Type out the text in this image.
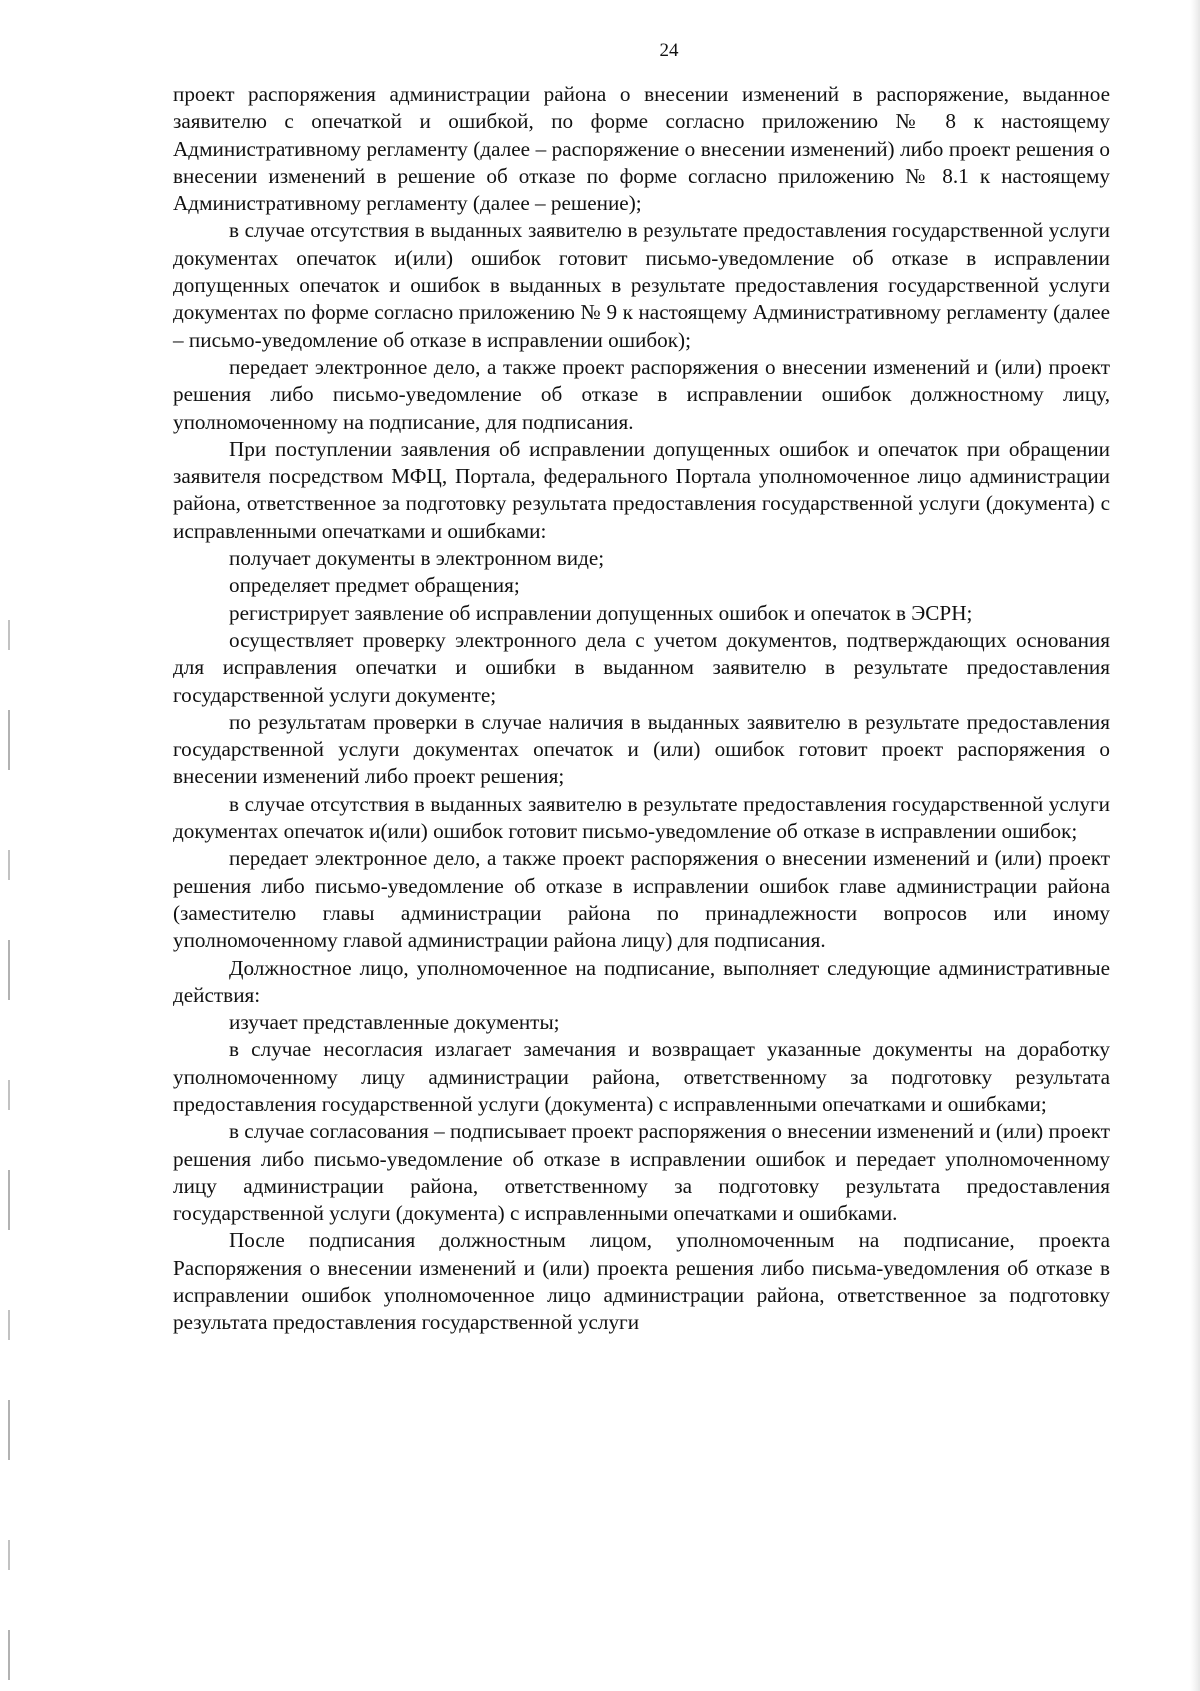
24

проект распоряжения администрации района о внесении изменений в распоряжение, выданное заявителю с опечаткой и ошибкой, по форме согласно приложению № 8 к настоящему Административному регламенту (далее – распоряжение о внесении изменений) либо проект решения о внесении изменений в решение об отказе по форме согласно приложению № 8.1 к настоящему Административному регламенту (далее – решение);

в случае отсутствия в выданных заявителю в результате предоставления государственной услуги документах опечаток и(или) ошибок готовит письмо-уведомление об отказе в исправлении допущенных опечаток и ошибок в выданных в результате предоставления государственной услуги документах по форме согласно приложению № 9 к настоящему Административному регламенту (далее – письмо-уведомление об отказе в исправлении ошибок);

передает электронное дело, а также проект распоряжения о внесении изменений и (или) проект решения либо письмо-уведомление об отказе в исправлении ошибок должностному лицу, уполномоченному на подписание, для подписания.

При поступлении заявления об исправлении допущенных ошибок и опечаток при обращении заявителя посредством МФЦ, Портала, федерального Портала уполномоченное лицо администрации района, ответственное за подготовку результата предоставления государственной услуги (документа) с исправленными опечатками и ошибками:

получает документы в электронном виде;

определяет предмет обращения;

регистрирует заявление об исправлении допущенных ошибок и опечаток в ЭСРН;

осуществляет проверку электронного дела с учетом документов, подтверждающих основания для исправления опечатки и ошибки в выданном заявителю в результате предоставления государственной услуги документе;

по результатам проверки в случае наличия в выданных заявителю в результате предоставления государственной услуги документах опечаток и (или) ошибок готовит проект распоряжения о внесении изменений либо проект решения;

в случае отсутствия в выданных заявителю в результате предоставления государственной услуги документах опечаток и(или) ошибок готовит письмо-уведомление об отказе в исправлении ошибок;

передает электронное дело, а также проект распоряжения о внесении изменений и (или) проект решения либо письмо-уведомление об отказе в исправлении ошибок главе администрации района (заместителю главы администрации района по принадлежности вопросов или иному уполномоченному главой администрации района лицу) для подписания.

Должностное лицо, уполномоченное на подписание, выполняет следующие административные действия:

изучает представленные документы;

в случае несогласия излагает замечания и возвращает указанные документы на доработку уполномоченному лицу администрации района, ответственному за подготовку результата предоставления государственной услуги (документа) с исправленными опечатками и ошибками;

в случае согласования – подписывает проект распоряжения о внесении изменений и (или) проект решения либо письмо-уведомление об отказе в исправлении ошибок и передает уполномоченному лицу администрации района, ответственному за подготовку результата предоставления государственной услуги (документа) с исправленными опечатками и ошибками.

После подписания должностным лицом, уполномоченным на подписание, проекта Распоряжения о внесении изменений и (или) проекта решения либо письма-уведомления об отказе в исправлении ошибок уполномоченное лицо администрации района, ответственное за подготовку результата предоставления государственной услуги
